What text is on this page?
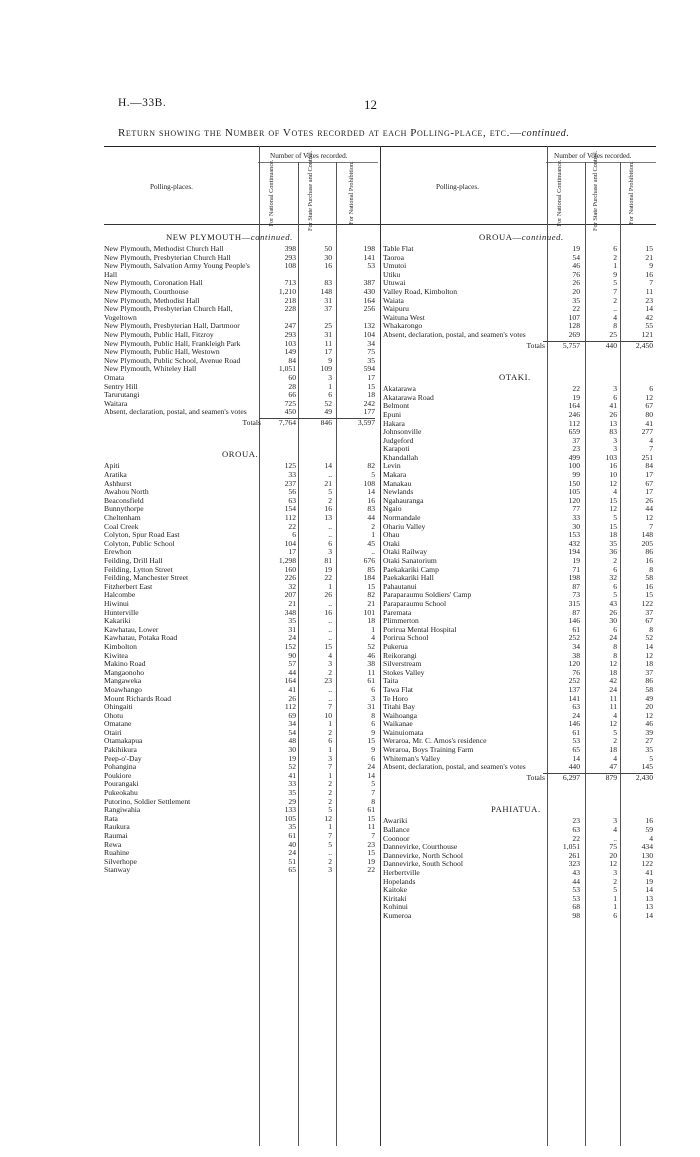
H.—33B.	12
Return showing the Number of Votes recorded at each Polling-place, etc.—continued.
Polling-places.
Number of Votes recorded.
For National Continuance.	For State Purchase and Control.	For National Prohibition.	Polling-places.
Number of Votes recorded.
For National Continuance.	For State Purchase and Control.	For National Prohibition.
NEW PLYMOUTH—continued.
New Plymouth, Methodist Church Hall	398	50	198
New Plymouth, Presbyterian Church Hall	293	30	141
New Plymouth, Salvation Army Young People's Hall
108	16	53
New Plymouth, Coronation Hall	713	83	387
New Plymouth, Courthouse	1,210	148	430
New Plymouth, Methodist Hall	218	31	164
New Plymouth, Presbyterian Church Hall, Vogeltown
228	37	256
New Plymouth, Presbyterian Hall, Dartmoor	247	25	132
New Plymouth, Public Hall, Fitzroy	293	31	104
New Plymouth, Public Hall, Frankleigh Park	103	11	34
New Plymouth, Public Hall, Westown	149	17	75
New Plymouth, Public School, Avenue Road	84	9	35
New Plymouth, Whiteley Hall	1,051	109	594
Omata	60	3	17
Sentry Hill	28	1	15
Tarurutangi	66	6	18
Waitara	725	52	242
Absent, declaration, postal, and seamen's votes	450	49	177
Totals	7,764	846	3,597
OROUA.
Apiti	125	14	82
Aratika	33	..	5
Ashhurst	237	21	108
Awahou North	56	5	14
Beaconsfield	63	2	16
Bunnythorpe	154	16	83
Cheltenham	112	13	44
Coal Creek	22	..	2
Colyton, Spur Road East	6	..	1
Colyton, Public School	104	6	45
Erewhon	17	3	..
Feilding, Drill Hall	1,298	81	676
Feilding, Lytton Street	160	19	85
Feilding, Manchester Street	226	22	184
Fitzherbert East	32	1	15
Halcombe	207	26	82
Hiwinui	21	..	21
Hunterville	348	16	101
Kakariki	35	..	18
Kawhatau, Lower	31	..	1
Kawhatau, Potaka Road	24	..	4
Kimbolton	152	15	52
Kiwitea	90	4	46
Makino Road	57	3	38
Mangaonoho	44	2	11
Mangaweka	164	23	61
Moawhango	41	..	6
Mount Richards Road	26	..	3
Ohingaiti	112	7	31
Ohotu	69	10	8
Omatane	34	1	6
Otairi	54	2	9
Otamakapua	48	6	15
Pakihikura	30	1	9
Peep-o'-Day	19	3	6
Pohangina	52	7	24
Poukiore	41	1	14
Pourangaki	33	2	5
Pukeokahu	35	2	7
Putorino, Soldier Settlement	29	2	8
Rangiwahia	133	5	61
Rata	105	12	15
Raukura	35	1	11
Raumai	61	7	7
Rewa	40	5	23
Ruahine	24	..	15
Silverhope	51	2	19
Stanway	65	3	22
OROUA—continued.
Table Flat	19	6	15
Taoroa	54	2	21
Umutoi	46	1	9
Utiku	76	9	16
Utuwai	26	5	7
Valley Road, Kimbolton	20	7	11
Waiata	35	2	23
Waipuru	22	..	14
Waituna West	107	4	42
Whakarongo	128	8	55
Absent, declaration, postal, and seamen's votes	269	25	121
Totals	5,757	440	2,450
OTAKI.
Akatarawa	22	3	6
Akatarawa Road	19	6	12
Belmont	164	41	67
Epuni	246	26	80
Hakara	112	13	41
Johnsonville	659	83	277
Judgeford	37	3	4
Karapoti	23	3	7
Khandallah	499	103	251
Levin	100	16	84
Makara	99	10	17
Manakau	150	12	67
Newlands	105	4	17
Ngahauranga	120	15	26
Ngaio	77	12	44
Normandale	33	5	12
Ohariu Valley	30	15	7
Ohau	153	18	148
Otaki	432	35	205
Otaki Railway	194	36	86
Otaki Sanatorium	19	2	16
Paekakariki Camp	71	6	8
Paekakariki Hall	198	32	58
Pahautanui	87	6	16
Paraparaumu Soldiers' Camp	73	5	15
Paraparaumu School	315	43	122
Paremata	87	26	37
Plimmerton	146	30	67
Porirua Mental Hospital	61	6	8
Porirua School	252	24	52
Pukerua	34	8	14
Reikorangi	38	8	12
Silverstream	120	12	18
Stokes Valley	76	18	37
Taita	252	42	86
Tawa Flat	137	24	58
Te Horo	141	11	49
Titahi Bay	63	11	20
Waihoanga	24	4	12
Waikanae	146	12	46
Wainuiomata	61	5	39
Weraroa, Mr. C. Amos's residence	53	2	27
Weraroa, Boys Training Farm	65	18	35
Whiteman's Valley	14	4	5
Absent, declaration, postal, and seamen's votes	440	47	145
Totals	6,297	879	2,430
PAHIATUA.
Awariki	23	3	16
Ballance	63	4	59
Coonoor	22	..	4
Dannevirke, Courthouse	1,051	75	434
Dannevirke, North School	261	20	130
Dannevirke, South School	323	12	122
Herbertville	43	3	41
Hopelands	44	2	19
Kaitoke	53	5	14
Kiritaki	53	1	13
Kohinui	68	1	13
Kumeroa	98	6	14
